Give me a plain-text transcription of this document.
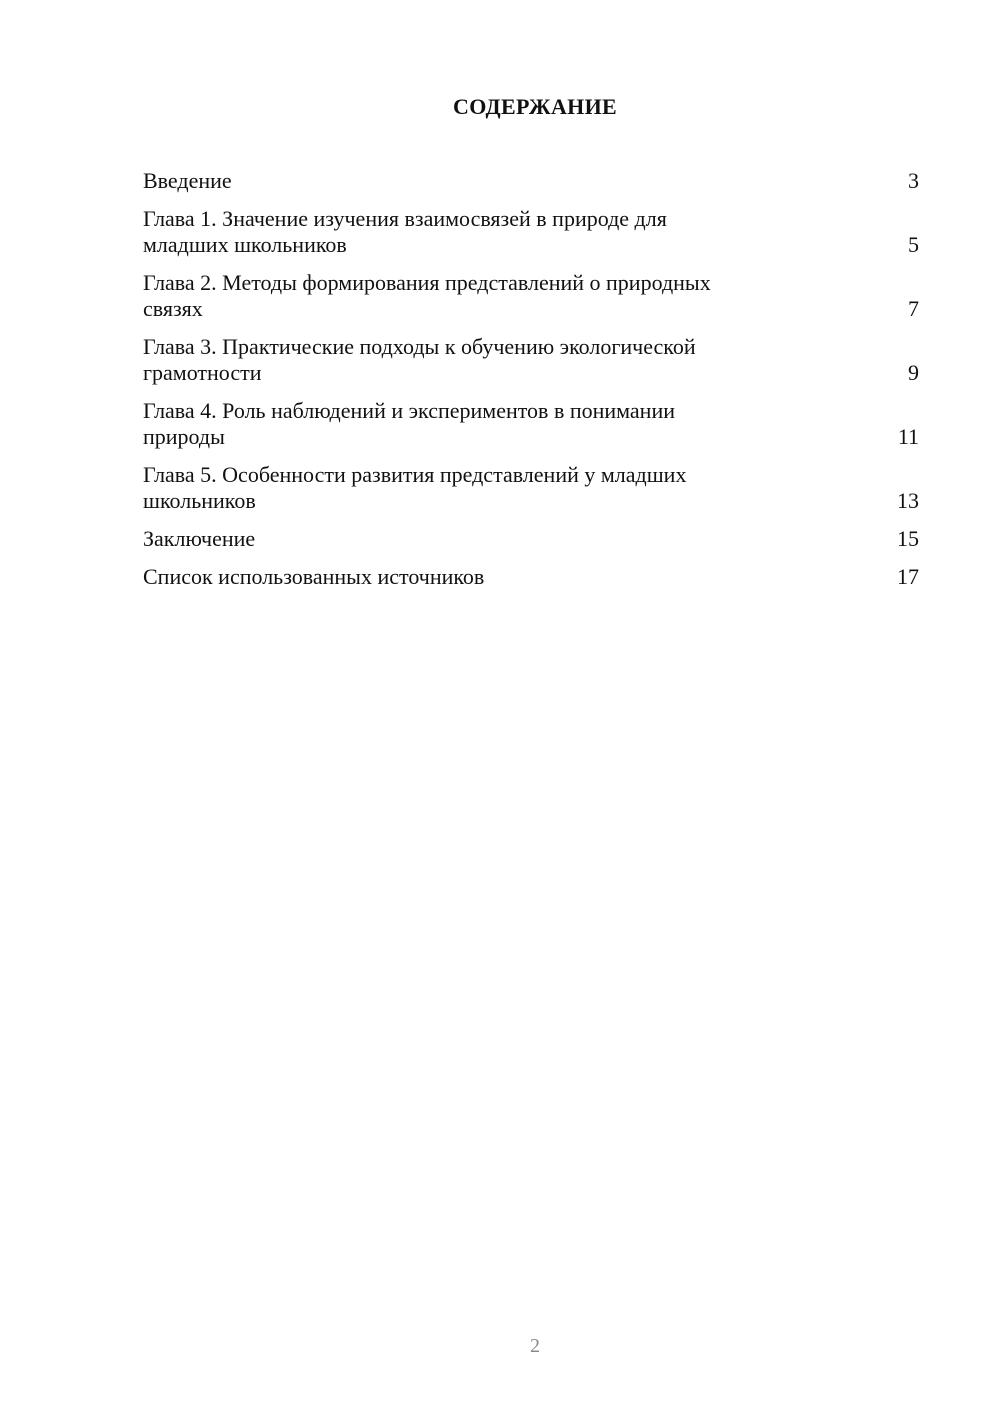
СОДЕРЖАНИЕ
Введение	3
Глава 1. Значение изучения взаимосвязей в природе для
младших школьников	5
Глава 2. Методы формирования представлений о природных
связях	7
Глава 3. Практические подходы к обучению экологической
грамотности	9
Глава 4. Роль наблюдений и экспериментов в понимании
природы	11
Глава 5. Особенности развития представлений у младших
школьников	13
Заключение	15
Список использованных источников	17
2
